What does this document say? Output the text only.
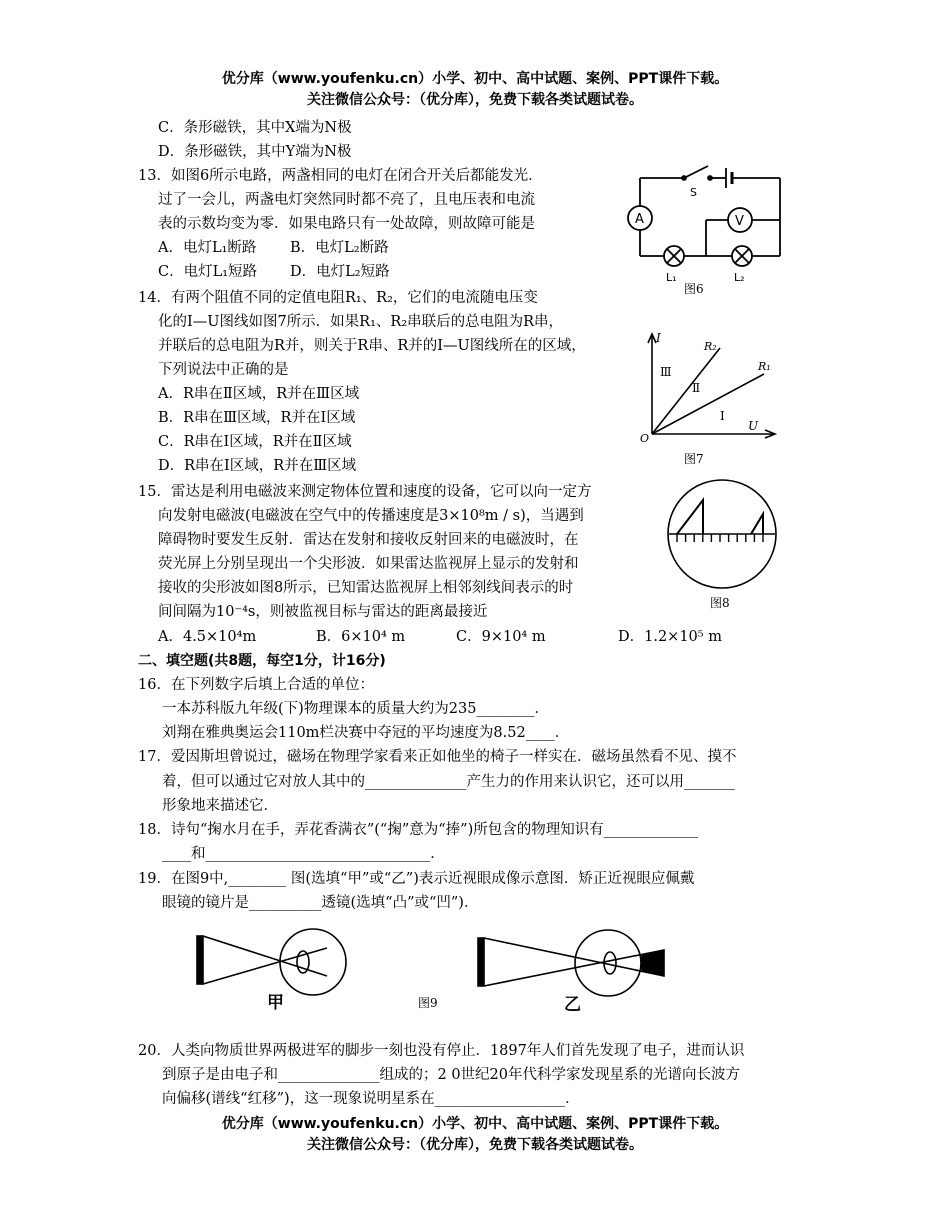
优分库（www.youfenku.cn）小学、初中、高中试题、案例、PPT课件下载。
关注微信公众号：（优分库），免费下载各类试题试卷。
C．条形磁铁，其中X端为N极
D．条形磁铁，其中Y端为N极
13．如图6所示电路，两盏相同的电灯在闭合开关后都能发光．
过了一会儿，两盏电灯突然同时都不亮了，且电压表和电流
表的示数均变为零．如果电路只有一处故障，则故障可能是
A．电灯L₁断路 B．电灯L₂断路
C．电灯L₁短路 D．电灯L₂短路
A	V
S
L₁	L₂
图6
14．有两个阻值不同的定值电阻R₁、R₂，它们的电流随电压变
化的I—U图线如图7所示．如果R₁、R₂串联后的总电阻为R串，
并联后的总电阻为R并，则关于R串、R并的I—U图线所在的区域，
下列说法中正确的是
A．R串在Ⅱ区域，R并在Ⅲ区域
B．R串在Ⅲ区域，R并在Ⅰ区域
C．R串在Ⅰ区域，R并在Ⅱ区域
D．R串在Ⅰ区域，R并在Ⅲ区域
I
U
O
R₂
R₁
Ⅲ
Ⅱ
Ⅰ
图7
15．雷达是利用电磁波来测定物体位置和速度的设备，它可以向一定方
向发射电磁波(电磁波在空气中的传播速度是3×10⁸m / s)，当遇到
障碍物时要发生反射．雷达在发射和接收反射回来的电磁波时，在
荧光屏上分别呈现出一个尖形波．如果雷达监视屏上显示的发射和
接收的尖形波如图8所示，已知雷达监视屏上相邻刻线间表示的时
间间隔为10⁻⁴s，则被监视目标与雷达的距离最接近
A．4.5×10⁴m	B．6×10⁴ m	C．9×10⁴ m	D．1.2×10⁵ m
图8
二、填空题(共8题，每空1分，计16分)
16．在下列数字后填上合适的单位：
一本苏科版九年级(下)物理课本的质量大约为235________．
刘翔在雅典奥运会110m栏决赛中夺冠的平均速度为8.52____．
17．爱因斯坦曾说过，磁场在物理学家看来正如他坐的椅子一样实在．磁场虽然看不见、摸不
着，但可以通过它对放人其中的______________产生力的作用来认识它，还可以用_______
形象地来描述它．
18．诗句“掬水月在手，弄花香满衣”(“掬”意为“捧”)所包含的物理知识有_____________
____和_______________________________．
19．在图9中,________ 图(选填“甲”或“乙”)表示近视眼成像示意图．矫正近视眼应佩戴
眼镜的镜片是__________透镜(选填“凸”或“凹”)．
甲	图9	乙
20．人类向物质世界两极进军的脚步一刻也没有停止．1897年人们首先发现了电子，进而认识
到原子是由电子和______________组成的；2 0世纪20年代科学家发现星系的光谱向长波方
向偏移(谱线“红移”)，这一现象说明星系在__________________．
优分库（www.youfenku.cn）小学、初中、高中试题、案例、PPT课件下载。
关注微信公众号：（优分库），免费下载各类试题试卷。
